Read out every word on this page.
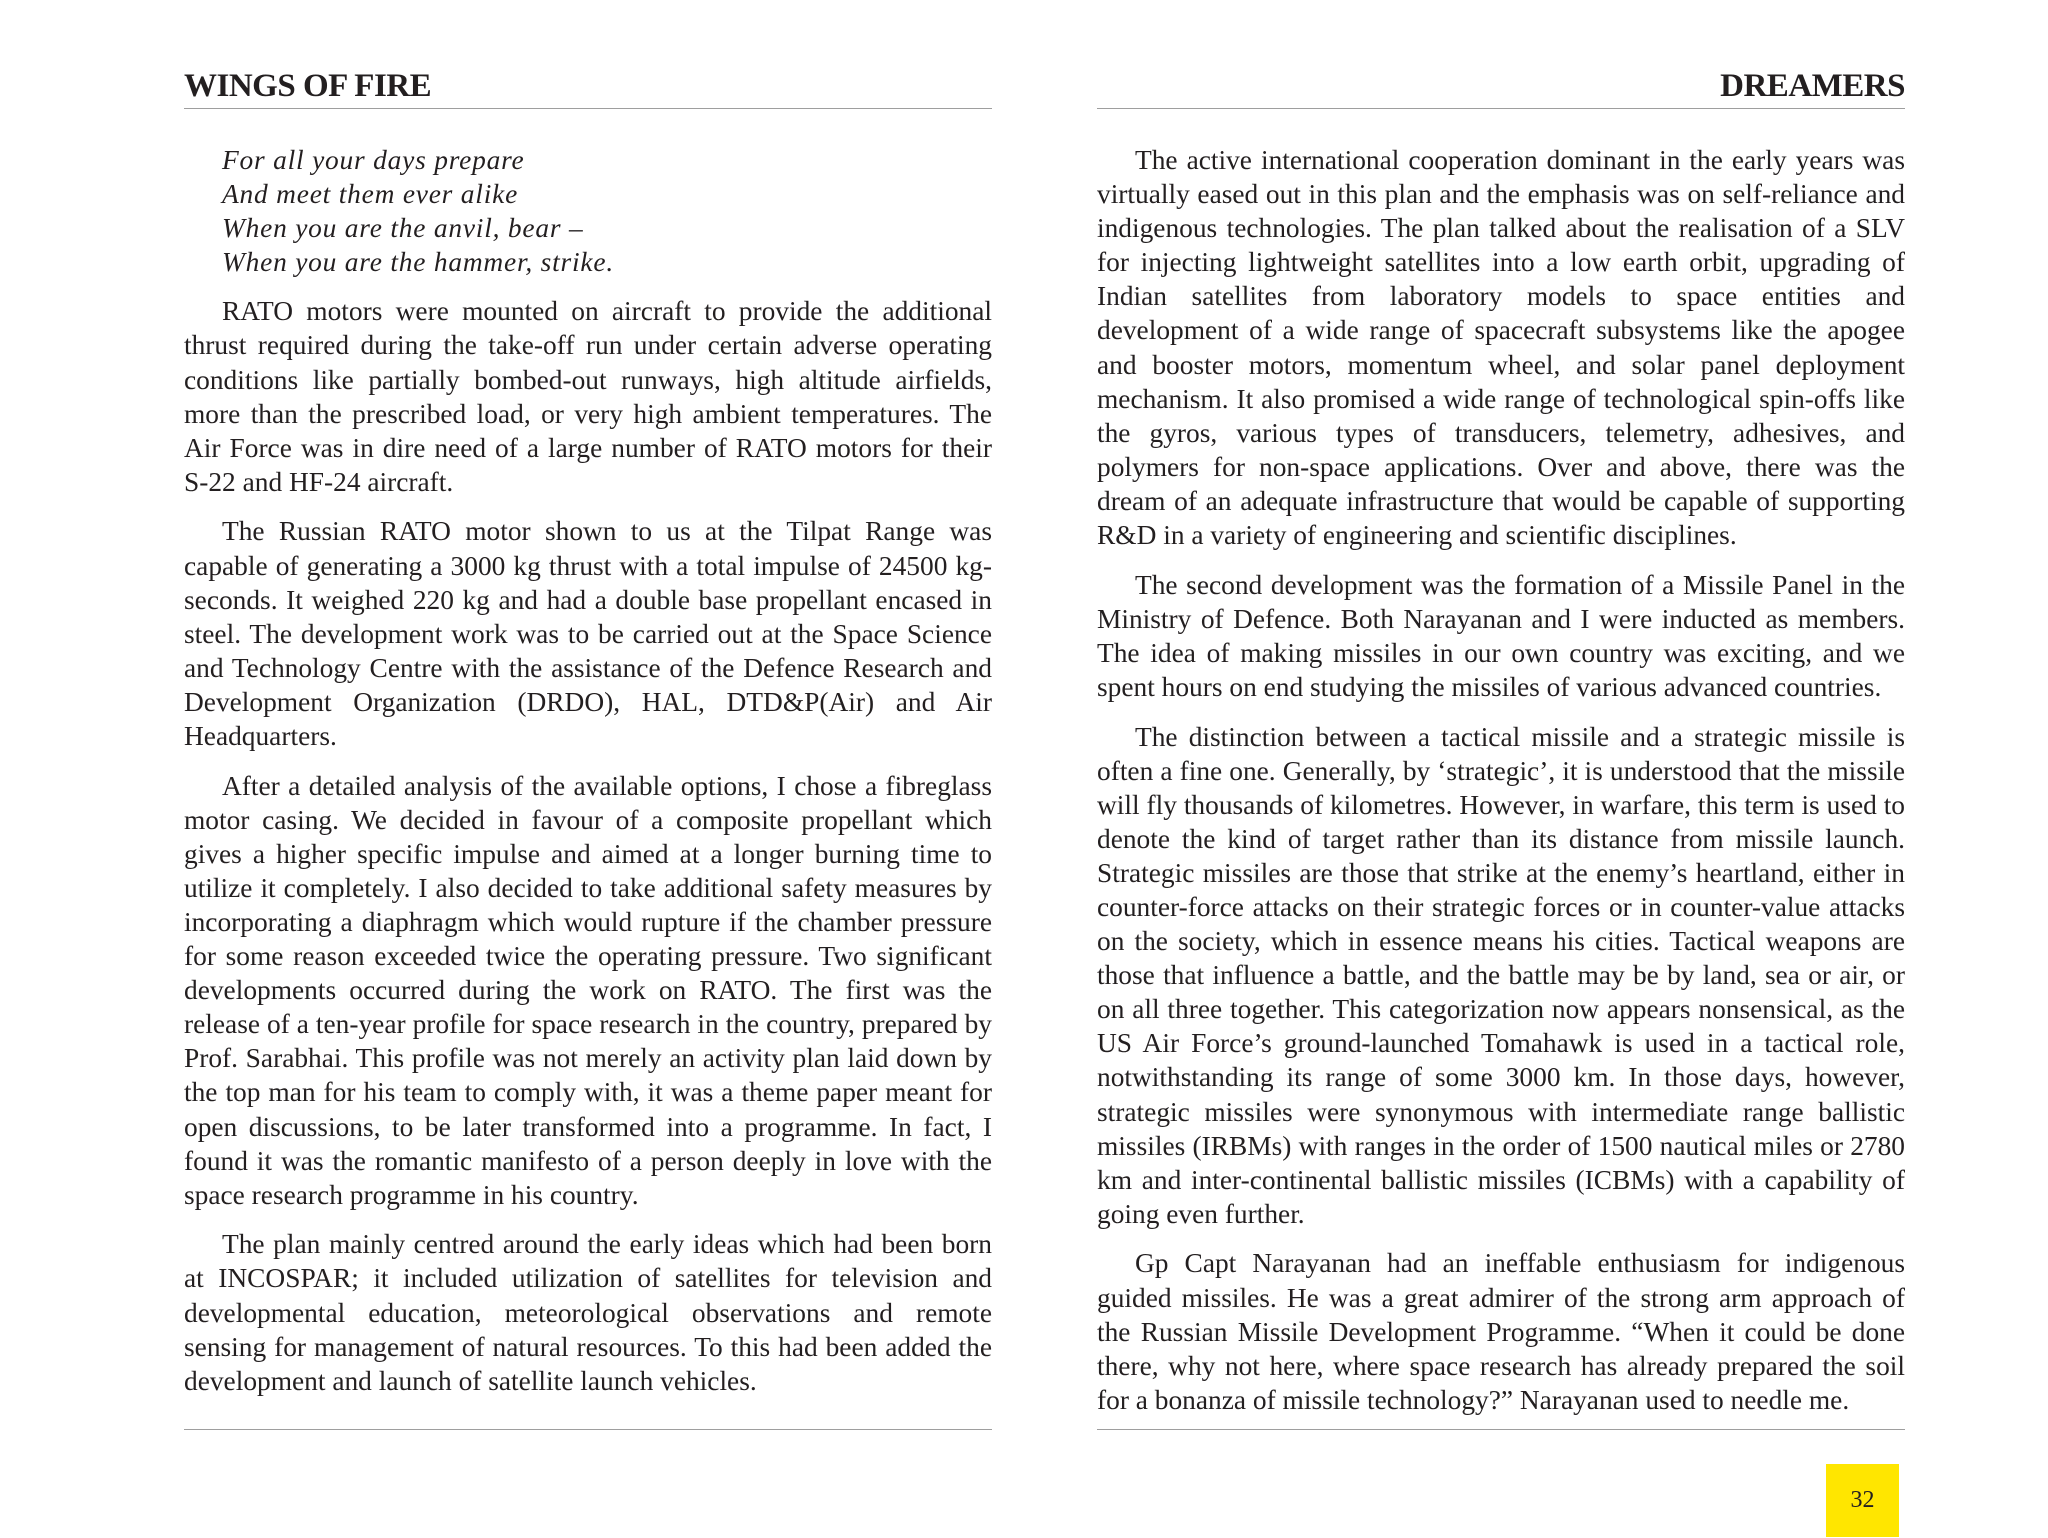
WINGS OF FIRE
For all your days prepare
And meet them ever alike
When you are the anvil, bear –
When you are the hammer, strike.

RATO motors were mounted on aircraft to provide the additional thrust required during the take-off run under certain adverse operating conditions like partially bombed-out runways, high altitude airfields, more than the prescribed load, or very high ambient temperatures. The Air Force was in dire need of a large number of RATO motors for their S-22 and HF-24 aircraft.

The Russian RATO motor shown to us at the Tilpat Range was capable of generating a 3000 kg thrust with a total impulse of 24500 kg-seconds. It weighed 220 kg and had a double base propellant encased in steel. The development work was to be carried out at the Space Science and Technology Centre with the assistance of the Defence Research and Development Organization (DRDO), HAL, DTD&P(Air) and Air Headquarters.

After a detailed analysis of the available options, I chose a fibreglass motor casing. We decided in favour of a composite propellant which gives a higher specific impulse and aimed at a longer burning time to utilize it completely. I also decided to take additional safety measures by incorporating a diaphragm which would rupture if the chamber pressure for some reason exceeded twice the operating pressure. Two significant developments occurred during the work on RATO. The first was the release of a ten-year profile for space research in the country, prepared by Prof. Sarabhai. This profile was not merely an activity plan laid down by the top man for his team to comply with, it was a theme paper meant for open discussions, to be later transformed into a programme. In fact, I found it was the romantic manifesto of a person deeply in love with the space research programme in his country.

The plan mainly centred around the early ideas which had been born at INCOSPAR; it included utilization of satellites for television and developmental education, meteorological observations and remote sensing for management of natural resources. To this had been added the development and launch of satellite launch vehicles.

DREAMERS

The active international cooperation dominant in the early years was virtually eased out in this plan and the emphasis was on self-reliance and indigenous technologies. The plan talked about the realisation of a SLV for injecting lightweight satellites into a low earth orbit, upgrading of Indian satellites from laboratory models to space entities and development of a wide range of spacecraft subsystems like the apogee and booster motors, momentum wheel, and solar panel deployment mechanism. It also promised a wide range of technological spin-offs like the gyros, various types of transducers, telemetry, adhesives, and polymers for non-space applications. Over and above, there was the dream of an adequate infrastructure that would be capable of supporting R&D in a variety of engineering and scientific disciplines.

The second development was the formation of a Missile Panel in the Ministry of Defence. Both Narayanan and I were inducted as members. The idea of making missiles in our own country was exciting, and we spent hours on end studying the missiles of various advanced countries.

The distinction between a tactical missile and a strategic missile is often a fine one. Generally, by ‘strategic’, it is understood that the missile will fly thousands of kilometres. However, in warfare, this term is used to denote the kind of target rather than its distance from missile launch. Strategic missiles are those that strike at the enemy’s heartland, either in counter-force attacks on their strategic forces or in counter-value attacks on the society, which in essence means his cities. Tactical weapons are those that influence a battle, and the battle may be by land, sea or air, or on all three together. This categorization now appears nonsensical, as the US Air Force’s ground-launched Tomahawk is used in a tactical role, notwithstanding its range of some 3000 km. In those days, however, strategic missiles were synonymous with intermediate range ballistic missiles (IRBMs) with ranges in the order of 1500 nautical miles or 2780 km and inter-continental ballistic missiles (ICBMs) with a capability of going even further.

Gp Capt Narayanan had an ineffable enthusiasm for indigenous guided missiles. He was a great admirer of the strong arm approach of the Russian Missile Development Programme. “When it could be done there, why not here, where space research has already prepared the soil for a bonanza of missile technology?” Narayanan used to needle me.

32
